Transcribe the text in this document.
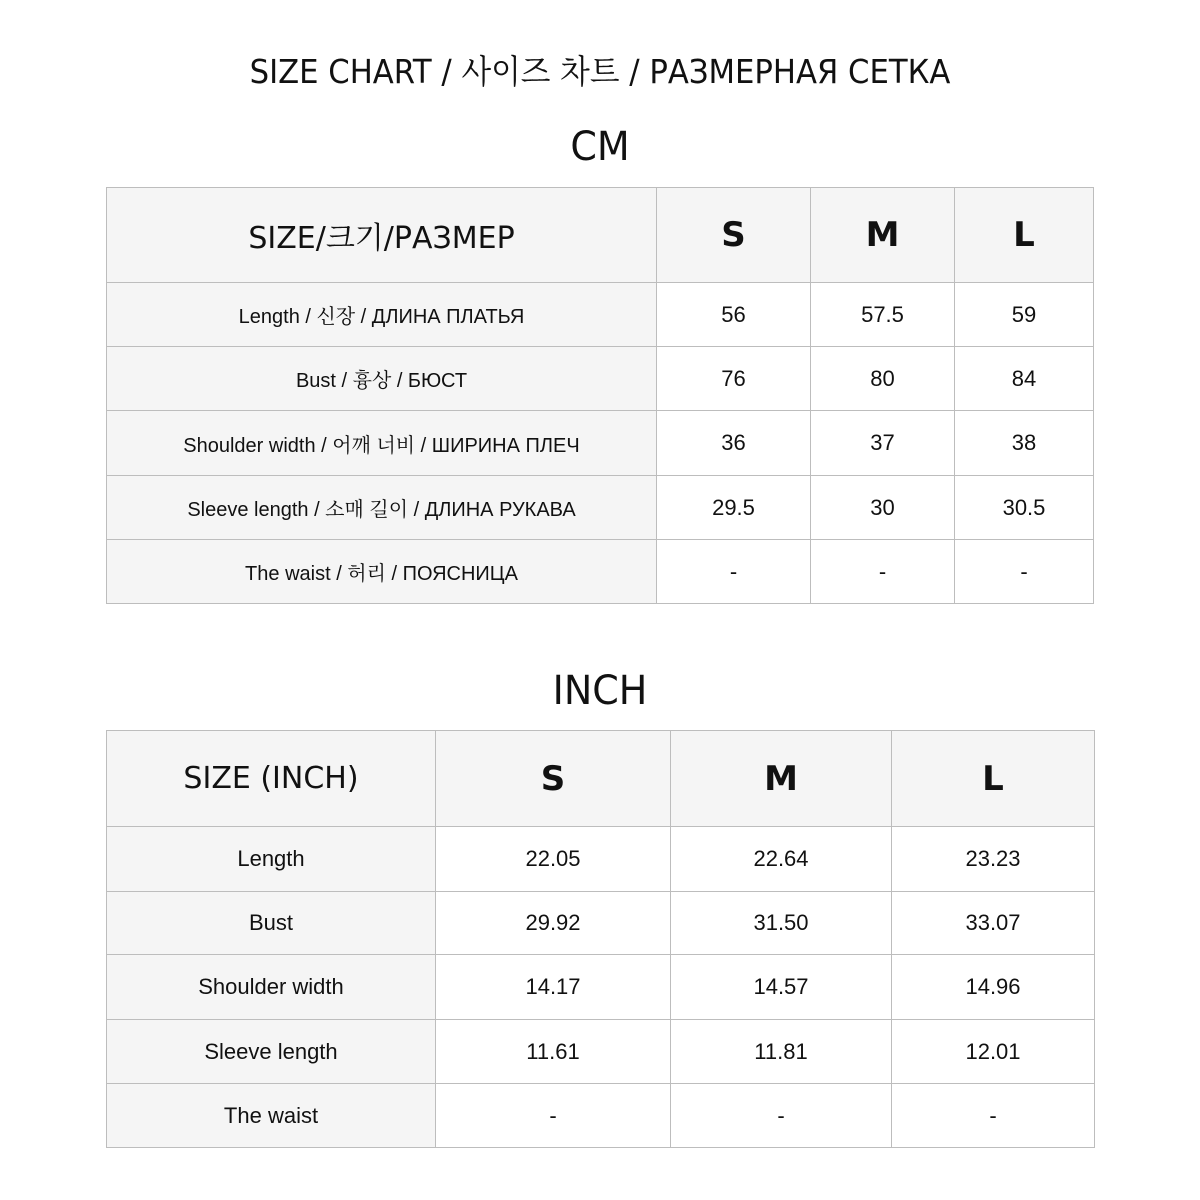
SIZE CHART / 사이즈 차트 / РАЗМЕРНАЯ СЕТКА
CM
SIZE/크기/РАЗМЕР	S	M	L
Length / 신장 / ДЛИНА ПЛАТЬЯ	56	57.5	59
Bust / 흉상 / БЮСТ	76	80	84
Shoulder width / 어깨 너비 / ШИРИНА ПЛЕЧ	36	37	38
Sleeve length / 소매 길이 / ДЛИНА РУКАВА	29.5	30	30.5
The waist / 허리 / ПОЯСНИЦА	-	-	-
INCH
SIZE (INCH)	S	M	L
Length	22.05	22.64	23.23
Bust	29.92	31.50	33.07
Shoulder width	14.17	14.57	14.96
Sleeve length	11.61	11.81	12.01
The waist	-	-	-
